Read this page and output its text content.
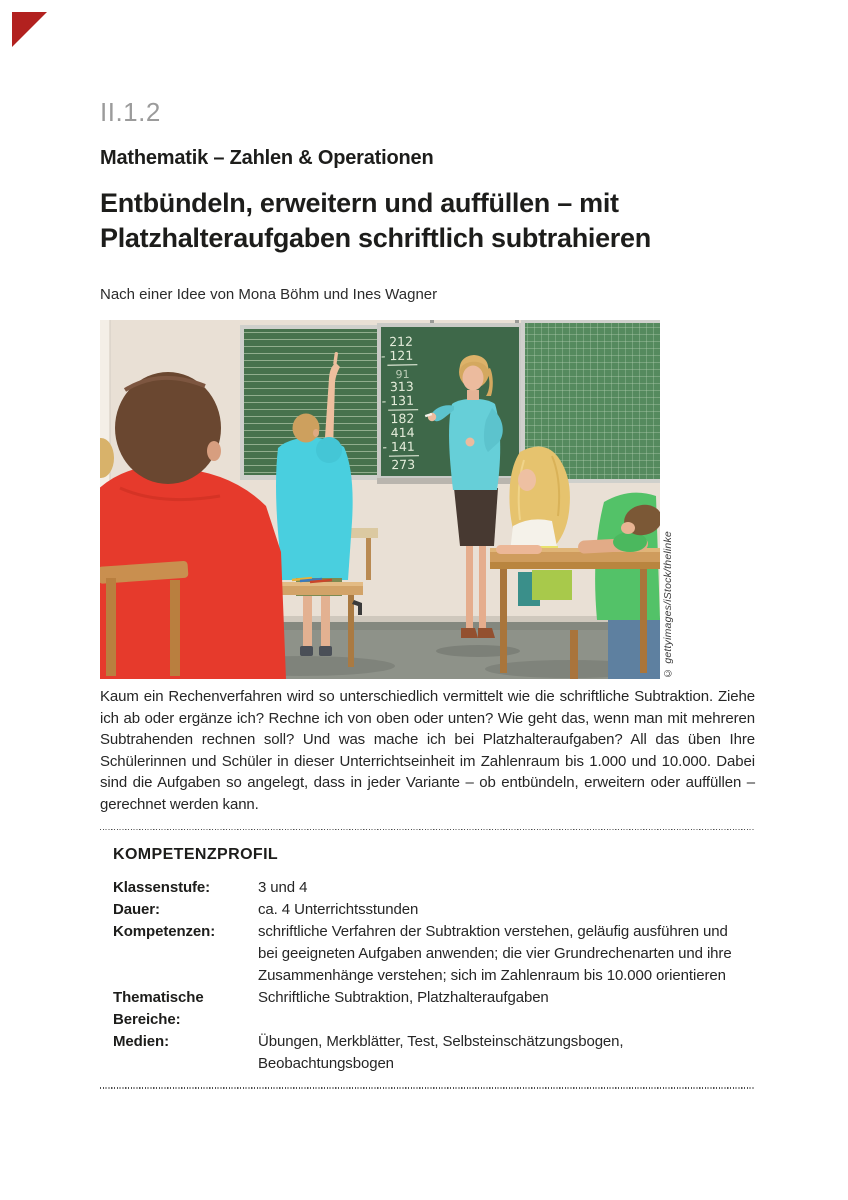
II.1.2
Mathematik – Zahlen & Operationen
Entbündeln, erweitern und auffüllen – mit Platzhalteraufgaben schriftlich subtrahieren
Nach einer Idee von Mona Böhm und Ines Wagner
212
- 121
91
313
- 131
182
414
- 141
273
© gettyimages/iStock/thelinke

Kaum ein Rechenverfahren wird so unterschiedlich vermittelt wie die schriftliche Subtraktion. Ziehe ich ab oder ergänze ich? Rechne ich von oben oder unten? Wie geht das, wenn man mit mehreren Subtrahenden rechnen soll? Und was mache ich bei Platzhalteraufgaben? All das üben Ihre Schülerinnen und Schüler in dieser Unterrichtseinheit im Zahlenraum bis 1.000 und 10.000. Dabei sind die Aufgaben so angelegt, dass in jeder Variante – ob entbündeln, erweitern oder auffüllen – gerechnet werden kann.

KOMPETENZPROFIL
Klassenstufe:	3 und 4
Dauer:	ca. 4 Unterrichtsstunden
Kompetenzen:	schriftliche Verfahren der Subtraktion verstehen, geläufig ausführen und bei geeigneten Aufgaben anwenden; die vier Grundrechenarten und ihre Zusammenhänge verstehen; sich im Zahlenraum bis 10.000 orientieren
Thematische Bereiche:
Schriftliche Subtraktion, Platzhalteraufgaben
Medien:	Übungen, Merkblätter, Test, Selbsteinschätzungsbogen, Beobachtungsbogen
